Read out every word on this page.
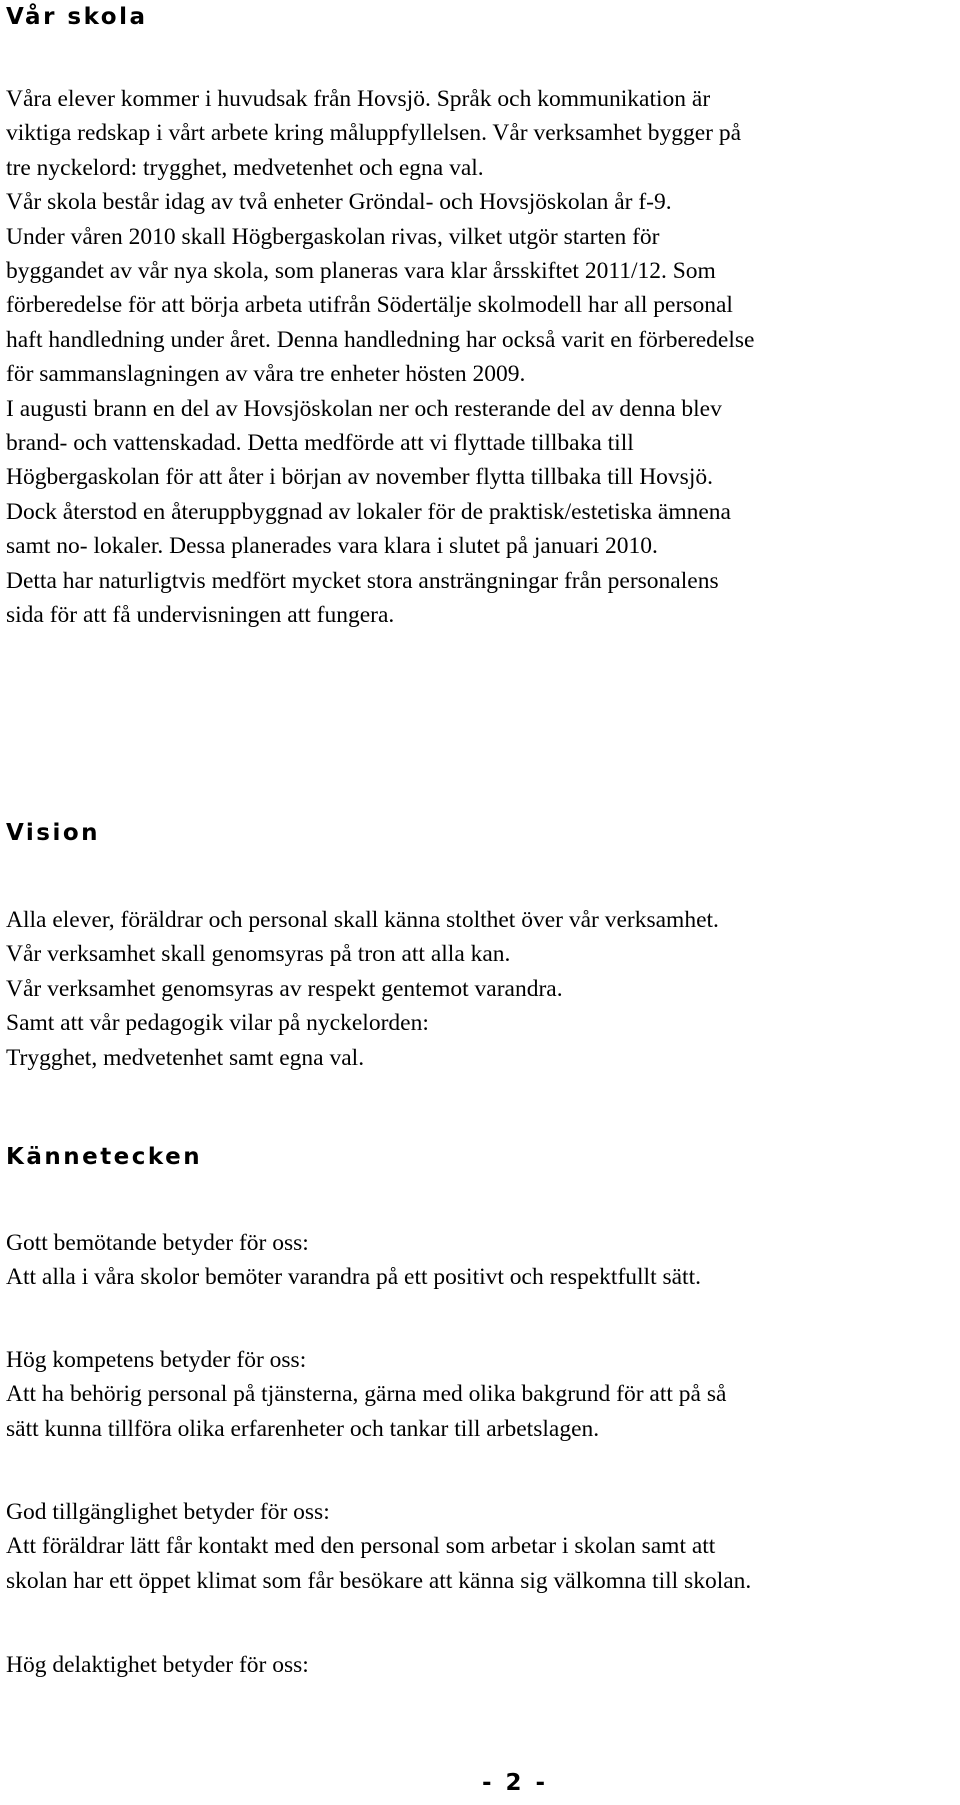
Vår skola
Våra elever kommer i huvudsak från Hovsjö. Språk och kommunikation är
viktiga redskap i vårt arbete kring måluppfyllelsen. Vår verksamhet bygger på
tre nyckelord: trygghet, medvetenhet och egna val.
Vår skola består idag av två enheter Gröndal- och Hovsjöskolan år f-9.
Under våren 2010 skall Högbergaskolan rivas, vilket utgör starten för
byggandet av vår nya skola, som planeras vara klar årsskiftet 2011/12. Som
förberedelse för att börja arbeta utifrån Södertälje skolmodell har all personal
haft handledning under året. Denna handledning har också varit en förberedelse
för sammanslagningen av våra tre enheter hösten 2009.
I augusti brann en del av Hovsjöskolan ner och resterande del av denna blev
brand- och vattenskadad. Detta medförde att vi flyttade tillbaka till
Högbergaskolan för att åter i början av november flytta tillbaka till Hovsjö.
Dock återstod en återuppbyggnad av lokaler för de praktisk/estetiska ämnena
samt no- lokaler. Dessa planerades vara klara i slutet på januari 2010.
Detta har naturligtvis medfört mycket stora ansträngningar från personalens
sida för att få undervisningen att fungera.
Vision
Alla elever, föräldrar och personal skall känna stolthet över vår verksamhet.
Vår verksamhet skall genomsyras på tron att alla kan.
Vår verksamhet genomsyras av respekt gentemot varandra.
Samt att vår pedagogik vilar på nyckelorden:
Trygghet, medvetenhet samt egna val.
Kännetecken
Gott bemötande betyder för oss:
Att alla i våra skolor bemöter varandra på ett positivt och respektfullt sätt.
Hög kompetens betyder för oss:
Att ha behörig personal på tjänsterna, gärna med olika bakgrund för att på så
sätt kunna tillföra olika erfarenheter och tankar till arbetslagen.
God tillgänglighet betyder för oss:
Att föräldrar lätt får kontakt med den personal som arbetar i skolan samt att
skolan har ett öppet klimat som får besökare att känna sig välkomna till skolan.
Hög delaktighet betyder för oss:
- 2 -
